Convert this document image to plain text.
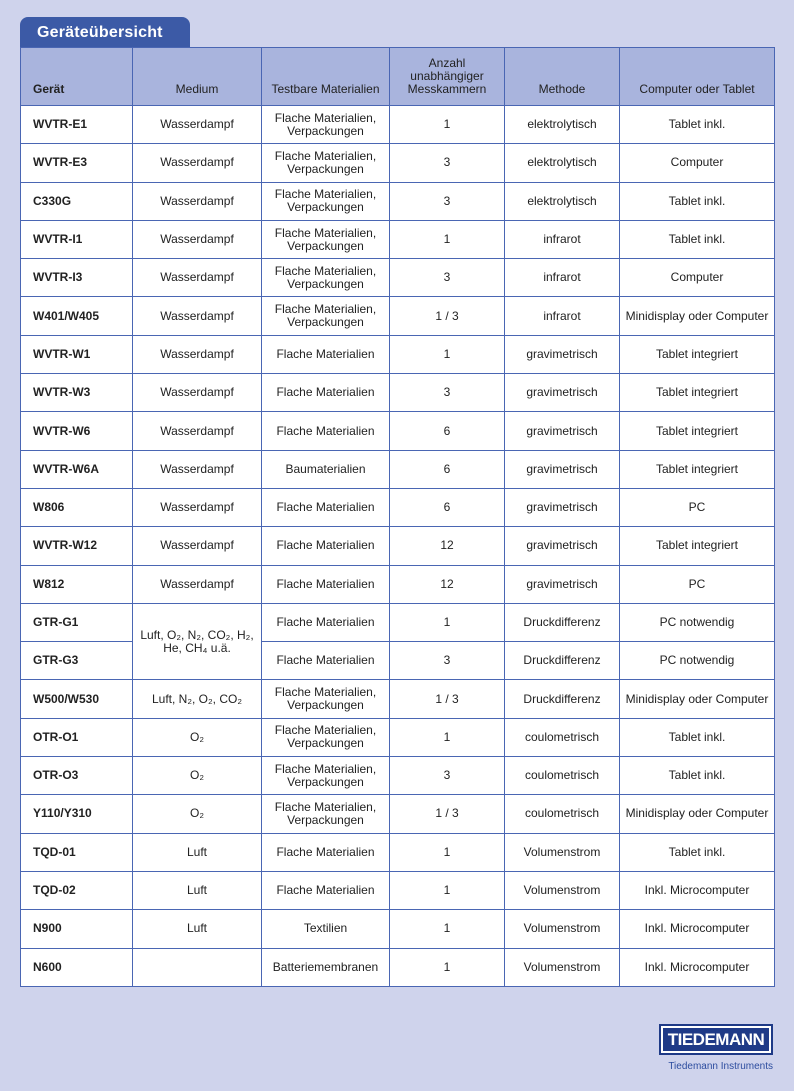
Geräteübersicht
Gerät	Medium	Testbare Materialien	Anzahl unabhängiger Messkammern	Methode	Computer oder Tablet
WVTR-E1	Wasserdampf	Flache Materialien, Verpackungen	1	elektrolytisch	Tablet inkl.
WVTR-E3	Wasserdampf	Flache Materialien, Verpackungen	3	elektrolytisch	Computer
C330G	Wasserdampf	Flache Materialien, Verpackungen	3	elektrolytisch	Tablet inkl.
WVTR-I1	Wasserdampf	Flache Materialien, Verpackungen	1	infrarot	Tablet inkl.
WVTR-I3	Wasserdampf	Flache Materialien, Verpackungen	3	infrarot	Computer
W401/W405	Wasserdampf	Flache Materialien, Verpackungen	1 / 3	infrarot	Minidisplay oder Computer
WVTR-W1	Wasserdampf	Flache Materialien	1	gravimetrisch	Tablet integriert
WVTR-W3	Wasserdampf	Flache Materialien	3	gravimetrisch	Tablet integriert
WVTR-W6	Wasserdampf	Flache Materialien	6	gravimetrisch	Tablet integriert
WVTR-W6A	Wasserdampf	Baumaterialien	6	gravimetrisch	Tablet integriert
W806	Wasserdampf	Flache Materialien	6	gravimetrisch	PC
WVTR-W12	Wasserdampf	Flache Materialien	12	gravimetrisch	Tablet integriert
W812	Wasserdampf	Flache Materialien	12	gravimetrisch	PC
GTR-G1	Luft, O₂, N₂, CO₂, H₂, He, CH₄ u.ä.	Flache Materialien	1	Druckdifferenz	PC notwendig
GTR-G3		Flache Materialien	3	Druckdifferenz	PC notwendig
W500/W530	Luft, N₂, O₂, CO₂	Flache Materialien, Verpackungen	1 / 3	Druckdifferenz	Minidisplay oder Computer
OTR-O1	O₂	Flache Materialien, Verpackungen	1	coulometrisch	Tablet inkl.
OTR-O3	O₂	Flache Materialien, Verpackungen	3	coulometrisch	Tablet inkl.
Y110/Y310	O₂	Flache Materialien, Verpackungen	1 / 3	coulometrisch	Minidisplay oder Computer
TQD-01	Luft	Flache Materialien	1	Volumenstrom	Tablet inkl.
TQD-02	Luft	Flache Materialien	1	Volumenstrom	Inkl. Microcomputer
N900	Luft	Textilien	1	Volumenstrom	Inkl. Microcomputer
N600		Batteriemembranen	1	Volumenstrom	Inkl. Microcomputer
TIEDEMANN
Tiedemann Instruments
